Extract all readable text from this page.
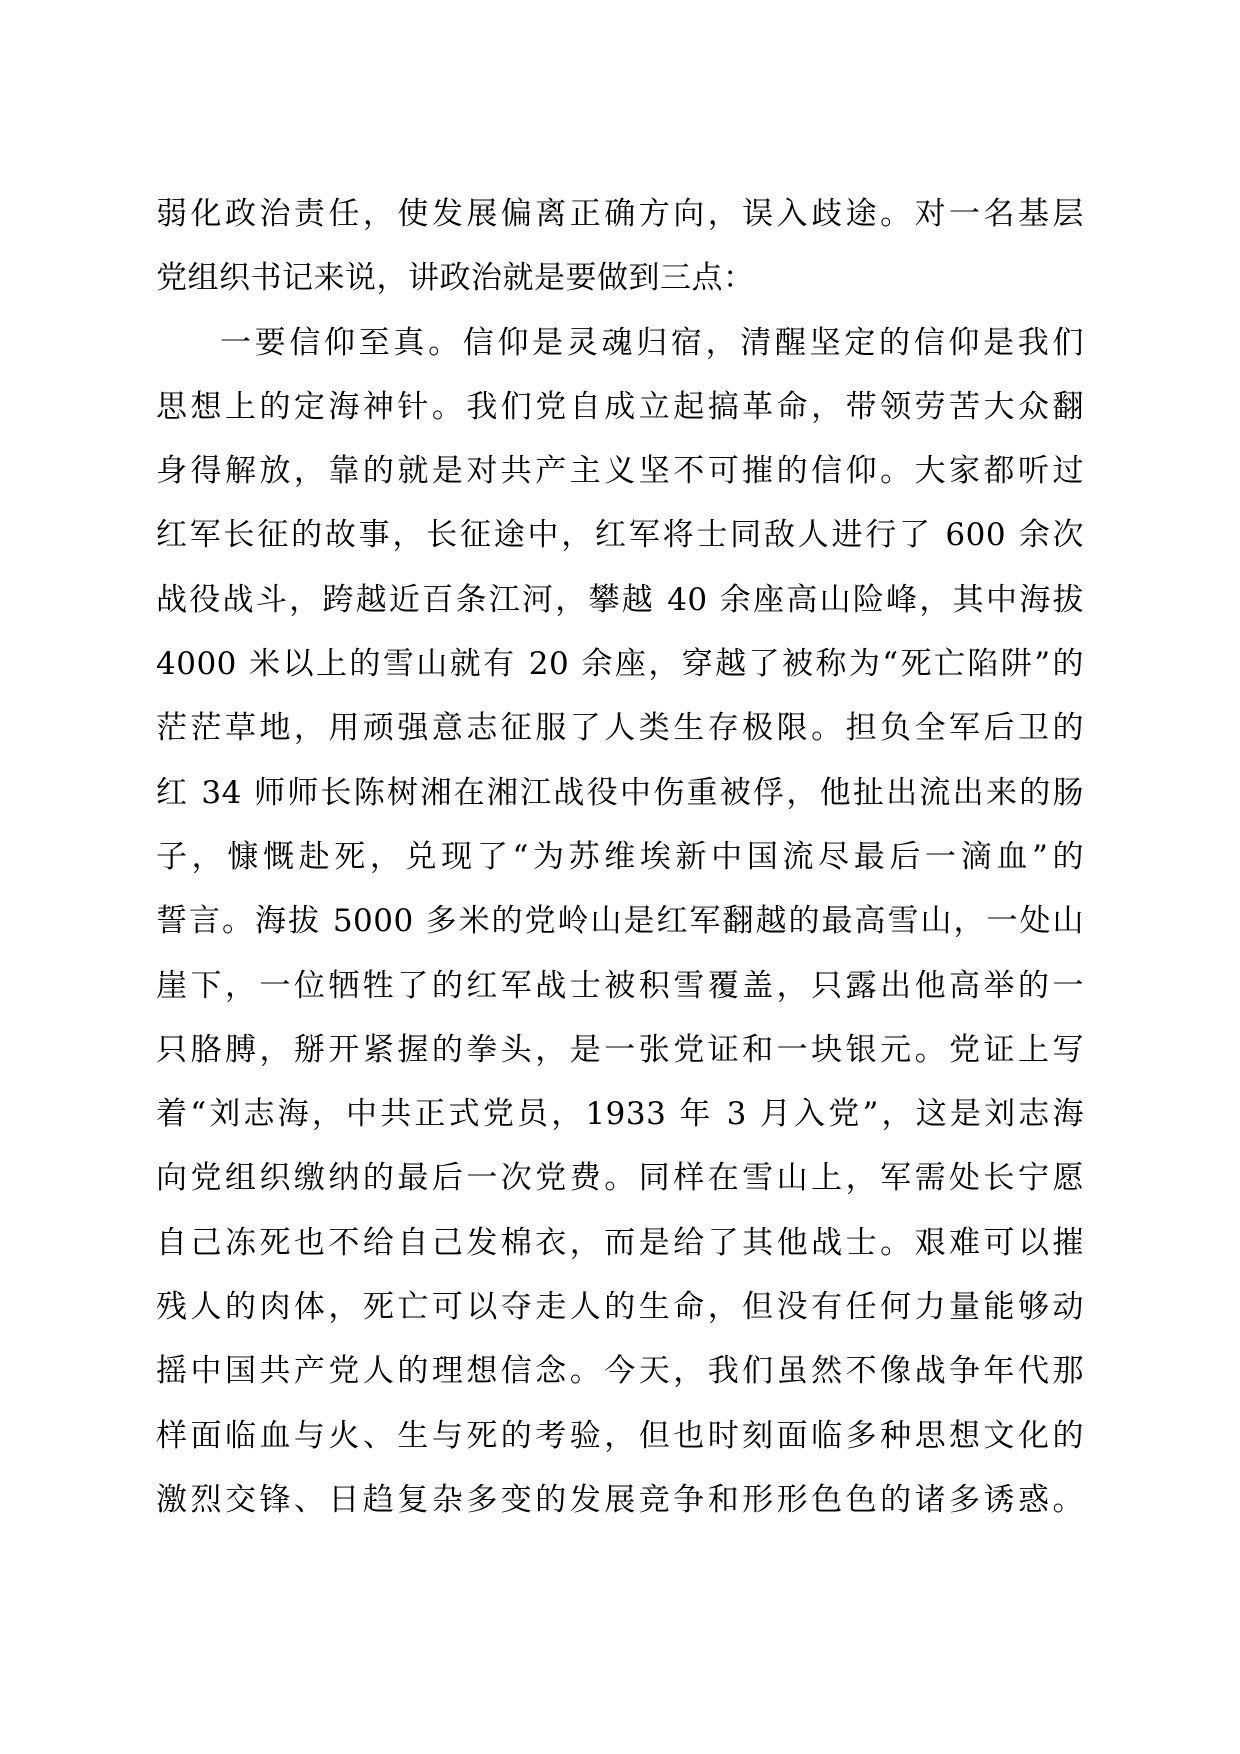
弱化政治责任，使发展偏离正确方向，误入歧途。对一名基层
党组织书记来说，讲政治就是要做到三点：
一要信仰至真。信仰是灵魂归宿，清醒坚定的信仰是我们
思想上的定海神针。我们党自成立起搞革命，带领劳苦大众翻
身得解放，靠的就是对共产主义坚不可摧的信仰。大家都听过
红军长征的故事，长征途中，红军将士同敌人进行了 600 余次
战役战斗，跨越近百条江河，攀越 40 余座高山险峰，其中海拔
4000 米以上的雪山就有 20 余座，穿越了被称为“死亡陷阱”的
茫茫草地，用顽强意志征服了人类生存极限。担负全军后卫的
红 34 师师长陈树湘在湘江战役中伤重被俘，他扯出流出来的肠
子，慷慨赴死，兑现了“为苏维埃新中国流尽最后一滴血”的
誓言。海拔 5000 多米的党岭山是红军翻越的最高雪山，一处山
崖下，一位牺牲了的红军战士被积雪覆盖，只露出他高举的一
只胳膊，掰开紧握的拳头，是一张党证和一块银元。党证上写
着“刘志海，中共正式党员，1933 年 3 月入党”，这是刘志海
向党组织缴纳的最后一次党费。同样在雪山上，军需处长宁愿
自己冻死也不给自己发棉衣，而是给了其他战士。艰难可以摧
残人的肉体，死亡可以夺走人的生命，但没有任何力量能够动
摇中国共产党人的理想信念。今天，我们虽然不像战争年代那
样面临血与火、生与死的考验，但也时刻面临多种思想文化的
激烈交锋、日趋复杂多变的发展竞争和形形色色的诸多诱惑。
